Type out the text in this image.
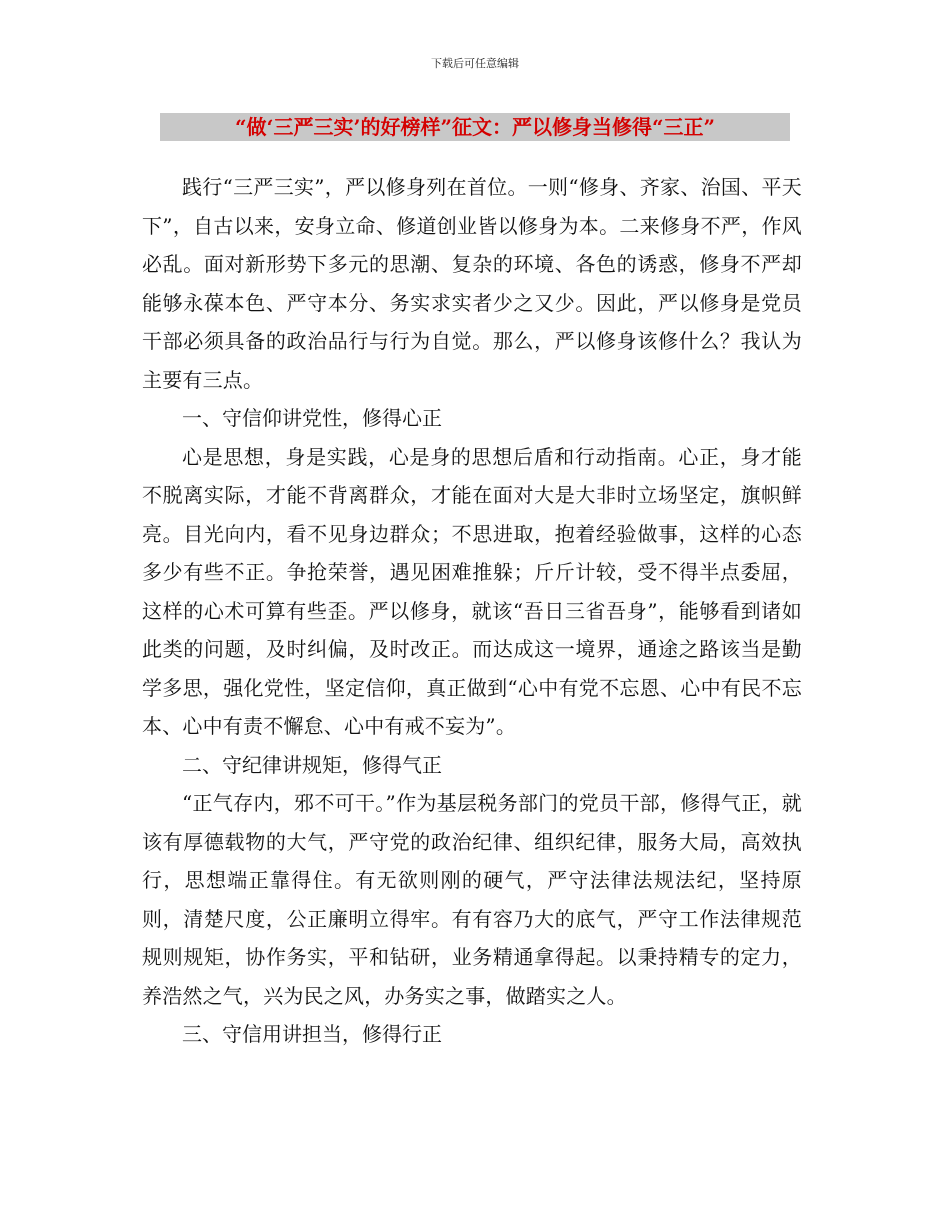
下载后可任意编辑
“做‘三严三实’的好榜样”征文：严以修身当修得“三正”

践行“三严三实”，严以修身列在首位。一则“修身、齐家、治国、平天下”，自古以来，安身立命、修道创业皆以修身为本。二来修身不严，作风必乱。面对新形势下多元的思潮、复杂的环境、各色的诱惑，修身不严却能够永葆本色、严守本分、务实求实者少之又少。因此，严以修身是党员干部必须具备的政治品行与行为自觉。那么，严以修身该修什么？我认为主要有三点。

一、守信仰讲党性，修得心正

心是思想，身是实践，心是身的思想后盾和行动指南。心正，身才能不脱离实际，才能不背离群众，才能在面对大是大非时立场坚定，旗帜鲜亮。目光向内，看不见身边群众；不思进取，抱着经验做事，这样的心态多少有些不正。争抢荣誉，遇见困难推躲；斤斤计较，受不得半点委屈，这样的心术可算有些歪。严以修身，就该“吾日三省吾身”，能够看到诸如此类的问题，及时纠偏，及时改正。而达成这一境界，通途之路该当是勤学多思，强化党性，坚定信仰，真正做到“心中有党不忘恩、心中有民不忘本、心中有责不懈怠、心中有戒不妄为”。

二、守纪律讲规矩，修得气正

“正气存内，邪不可干。”作为基层税务部门的党员干部，修得气正，就该有厚德载物的大气，严守党的政治纪律、组织纪律，服务大局，高效执行，思想端正靠得住。有无欲则刚的硬气，严守法律法规法纪，坚持原则，清楚尺度，公正廉明立得牢。有有容乃大的底气，严守工作法律规范规则规矩，协作务实，平和钻研，业务精通拿得起。以秉持精专的定力，养浩然之气，兴为民之风，办务实之事，做踏实之人。

三、守信用讲担当，修得行正
